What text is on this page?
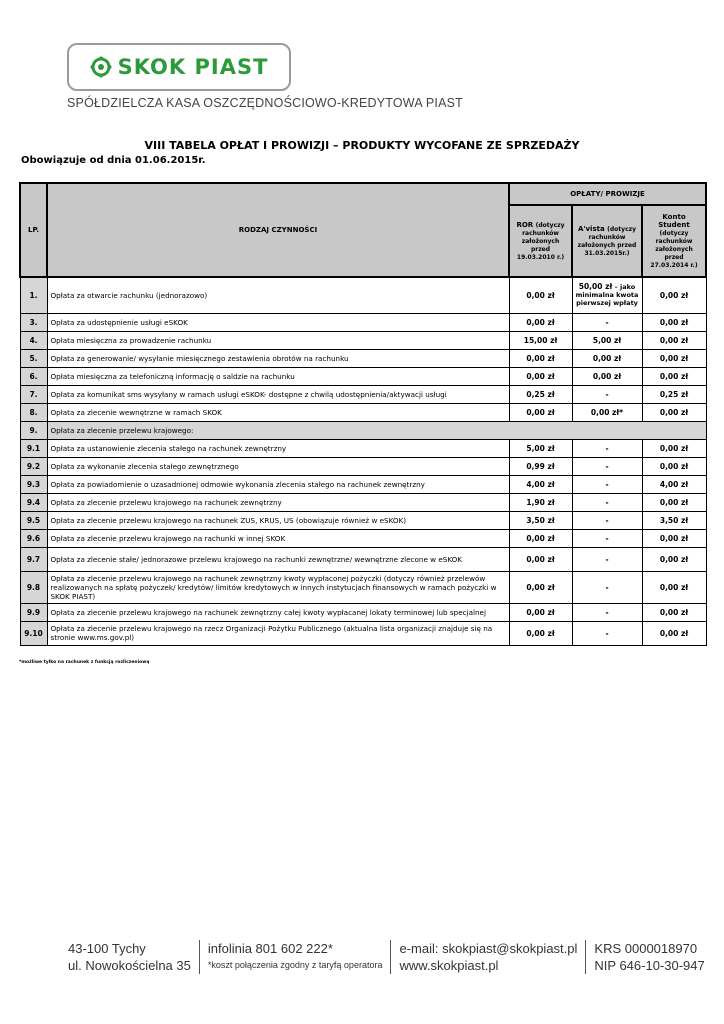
SKOK PIAST
SPÓŁDZIELCZA KASA OSZCZĘDNOŚCIOWO-KREDYTOWA PIAST
VIII TABELA OPŁAT I PROWIZJI – PRODUKTY WYCOFANE ZE SPRZEDAŻY
Obowiązuje od dnia 01.06.2015r.
LP.	RODZAJ CZYNNOŚCI	OPŁATY/ PROWIZJE		
		ROR (dotyczy rachunków założonych przed 19.03.2010 r.)	A'vista (dotyczy rachunków założonych przed 31.03.2015r.)	Konto Student (dotyczy rachunków założonych przed 27.03.2014 r.)
1.	Opłata za otwarcie rachunku (jednorazowo)	0,00 zł	50,00 zł – jako minimalna kwota pierwszej wpłaty	0,00 zł
3.	Opłata za udostępnienie usługi eSKOK	0,00 zł	-	0,00 zł
4.	Opłata miesięczna za prowadzenie rachunku	15,00 zł	5,00 zł	0,00 zł
5.	Opłata za generowanie/ wysyłanie miesięcznego zestawienia obrotów na rachunku	0,00 zł	0,00 zł	0,00 zł
6.	Opłata miesięczna za telefoniczną informację o saldzie na rachunku	0,00 zł	0,00 zł	0,00 zł
7.	Opłata za komunikat sms wysyłany w ramach usługi eSKOK- dostępne z chwilą udostępnienia/aktywacji usługi	0,25 zł	-	0,25 zł
8.	Opłata za zlecenie wewnętrzne w ramach SKOK	0,00 zł	0,00 zł*	0,00 zł
9.	Opłata za zlecenie przelewu krajowego:			
9.1	Opłata za ustanowienie zlecenia stałego na rachunek zewnętrzny	5,00 zł	-	0,00 zł
9.2	Opłata za wykonanie zlecenia stałego zewnętrznego	0,99 zł	-	0,00 zł
9.3	Opłata za powiadomienie o uzasadnionej odmowie wykonania zlecenia stałego na rachunek zewnętrzny	4,00 zł	-	4,00 zł
9.4	Opłata za zlecenie przelewu krajowego na rachunek zewnętrzny	1,90 zł	-	0,00 zł
9.5	Opłata za zlecenie przelewu krajowego na rachunek ZUS, KRUS, US (obowiązuje również w eSKOK)	3,50 zł	-	3,50 zł
9.6	Opłata za zlecenie przelewu krajowego na rachunki w innej SKOK	0,00 zł	-	0,00 zł
9.7	Opłata za zlecenie stałe/ jednorazowe przelewu krajowego na rachunki zewnętrzne/ wewnętrzne zlecone w eSKOK	0,00 zł	-	0,00 zł
9.8	Opłata za zlecenie przelewu krajowego na rachunek zewnętrzny kwoty wypłaconej pożyczki (dotyczy również przelewów realizowanych na spłatę pożyczek/ kredytów/ limitów kredytowych w innych instytucjach finansowych w ramach pożyczki w SKOK PIAST)	0,00 zł	-	0,00 zł
9.9	Opłata za zlecenie przelewu krajowego na rachunek zewnętrzny całej kwoty wypłacanej lokaty terminowej lub specjalnej	0,00 zł	-	0,00 zł
9.10	Opłata za zlecenie przelewu krajowego na rzecz Organizacji Pożytku Publicznego (aktualna lista organizacji znajduje się na stronie www.ms.gov.pl)	0,00 zł	-	0,00 zł
*możliwe tylko na rachunek z funkcją rozliczeniową
43-100 Tychy
ul. Nowokościelna 35
infolinia 801 602 222*
*koszt połączenia zgodny z taryfą operatora
e-mail: skokpiast@skokpiast.pl
www.skokpiast.pl
KRS 0000018970
NIP 646-10-30-947
